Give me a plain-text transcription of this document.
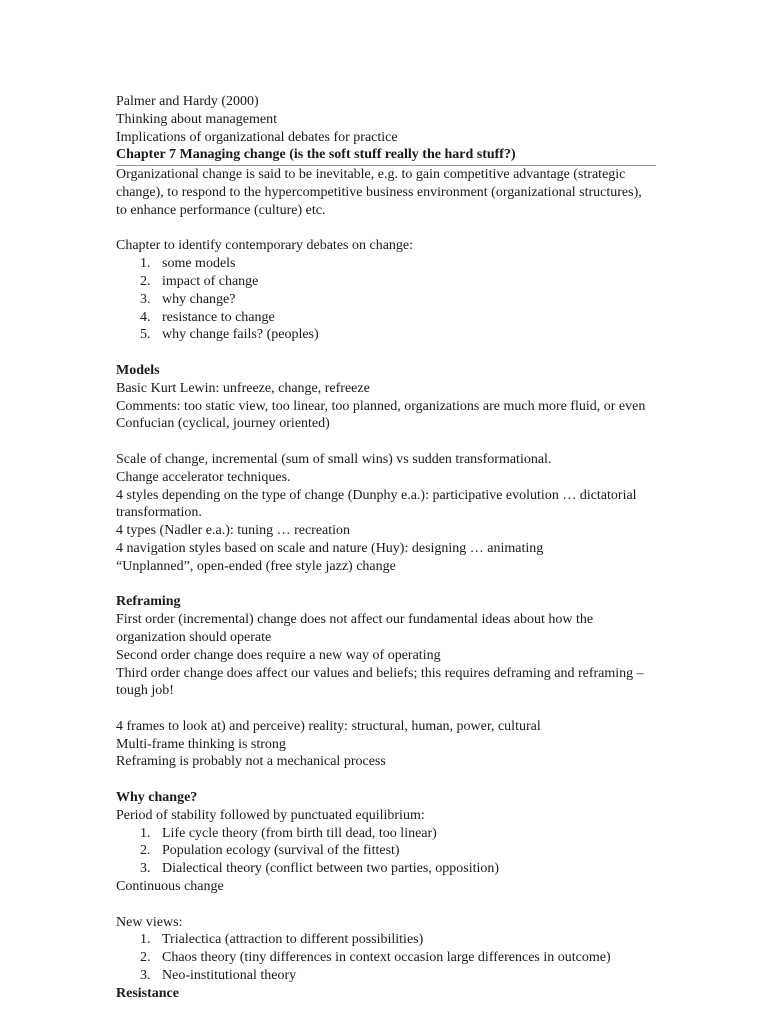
Palmer and Hardy (2000)
Thinking about management
Implications of organizational debates for practice
Chapter 7 Managing change (is the soft stuff really the hard stuff?)
Organizational change is said to be inevitable, e.g. to gain competitive advantage (strategic change), to respond to the hypercompetitive business environment (organizational structures), to enhance performance (culture) etc.
Chapter to identify contemporary debates on change:
1. some models
2. impact of change
3. why change?
4. resistance to change
5. why change fails? (peoples)
Models
Basic Kurt Lewin: unfreeze, change, refreeze
Comments: too static view, too linear, too planned, organizations are much more fluid, or even Confucian (cyclical, journey oriented)
Scale of change, incremental (sum of small wins) vs sudden transformational.
Change accelerator techniques.
4 styles depending on the type of change (Dunphy e.a.): participative evolution … dictatorial transformation.
4 types (Nadler e.a.): tuning … recreation
4 navigation styles based on scale and nature (Huy): designing … animating
“Unplanned”, open-ended (free style jazz) change
Reframing
First order (incremental) change does not affect our fundamental ideas about how the organization should operate
Second order change does require a new way of operating
Third order change does affect our values and beliefs; this requires deframing and reframing – tough job!
4 frames to look at) and perceive) reality: structural, human, power, cultural
Multi-frame thinking is strong
Reframing is probably not a mechanical process
Why change?
Period of stability followed by punctuated equilibrium:
1. Life cycle theory (from birth till dead, too linear)
2. Population ecology (survival of the fittest)
3. Dialectical theory (conflict between two parties, opposition)
Continuous change
New views:
1. Trialectica (attraction to different possibilities)
2. Chaos theory (tiny differences in context occasion large differences in outcome)
3. Neo-institutional theory
Resistance
